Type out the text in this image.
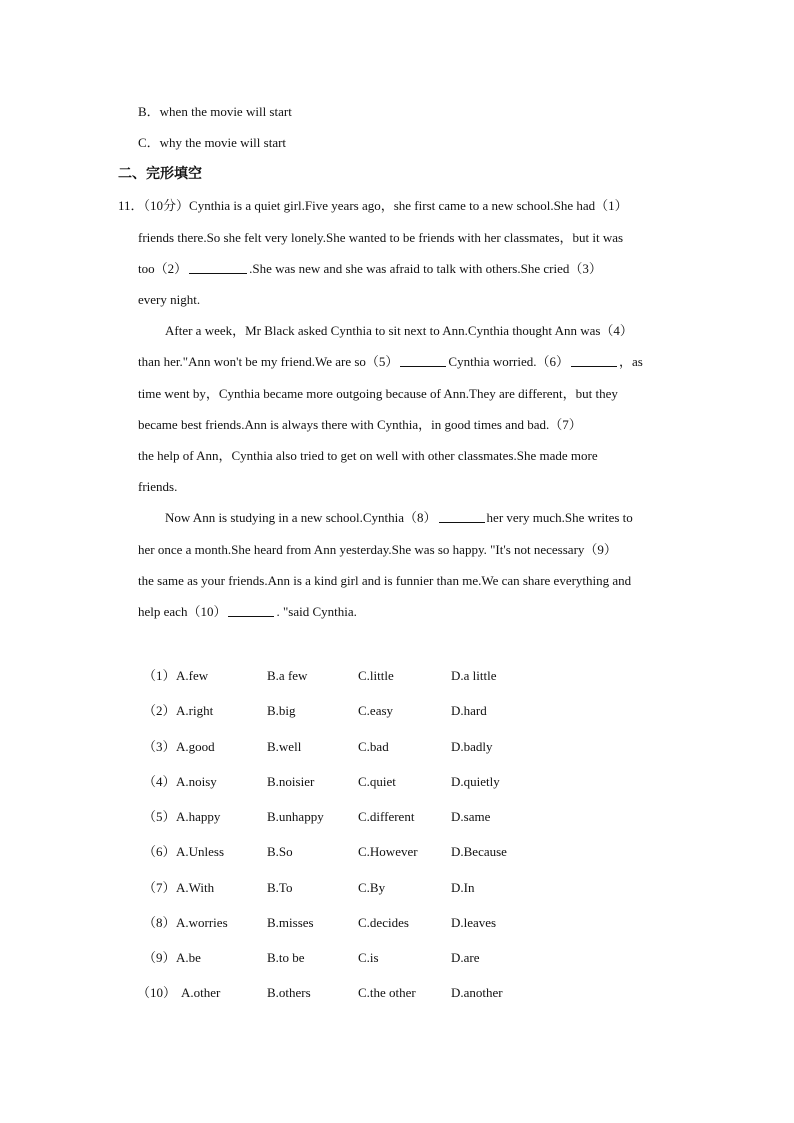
B．when the movie will start
C．why the movie will start
二、完形填空
11．（10分）Cynthia is a quiet girl.Five years ago，she first came to a new school.She had（1）
friends there.So she felt very lonely.She wanted to be friends with her classmates，but it was
too（2）	.She was new and she was afraid to talk with others.She cried（3）
every night.
After a week，Mr Black asked Cynthia to sit next to Ann.Cynthia thought Ann was（4）
than her."Ann won't be my friend.We are so（5）	Cynthia worried.（6）	，as
time went by，Cynthia became more outgoing because of Ann.They are different，but they
became best friends.Ann is always there with Cynthia，in good times and bad.（7）
the help of Ann，Cynthia also tried to get on well with other classmates.She made more
friends.
Now Ann is studying in a new school.Cynthia（8）	her very much.She writes to
her once a month.She heard from Ann yesterday.She was so happy. "It's not necessary（9）
the same as your friends.Ann is a kind girl and is funnier than me.We can share everything and
help each（10）	. "said Cynthia.
（1） A.few	B.a few	C.little	D.a little
（2） A.right	B.big	C.easy	D.hard
（3） A.good	B.well	C.bad	D.badly
（4） A.noisy	B.noisier	C.quiet	D.quietly
（5） A.happy	B.unhappy	C.different	D.same
（6） A.Unless	B.So	C.However	D.Because
（7） A.With	B.To	C.By	D.In
（8） A.worries	B.misses	C.decides	D.leaves
（9） A.be	B.to be	C.is	D.are
（10） A.other	B.others	C.the other	D.another
